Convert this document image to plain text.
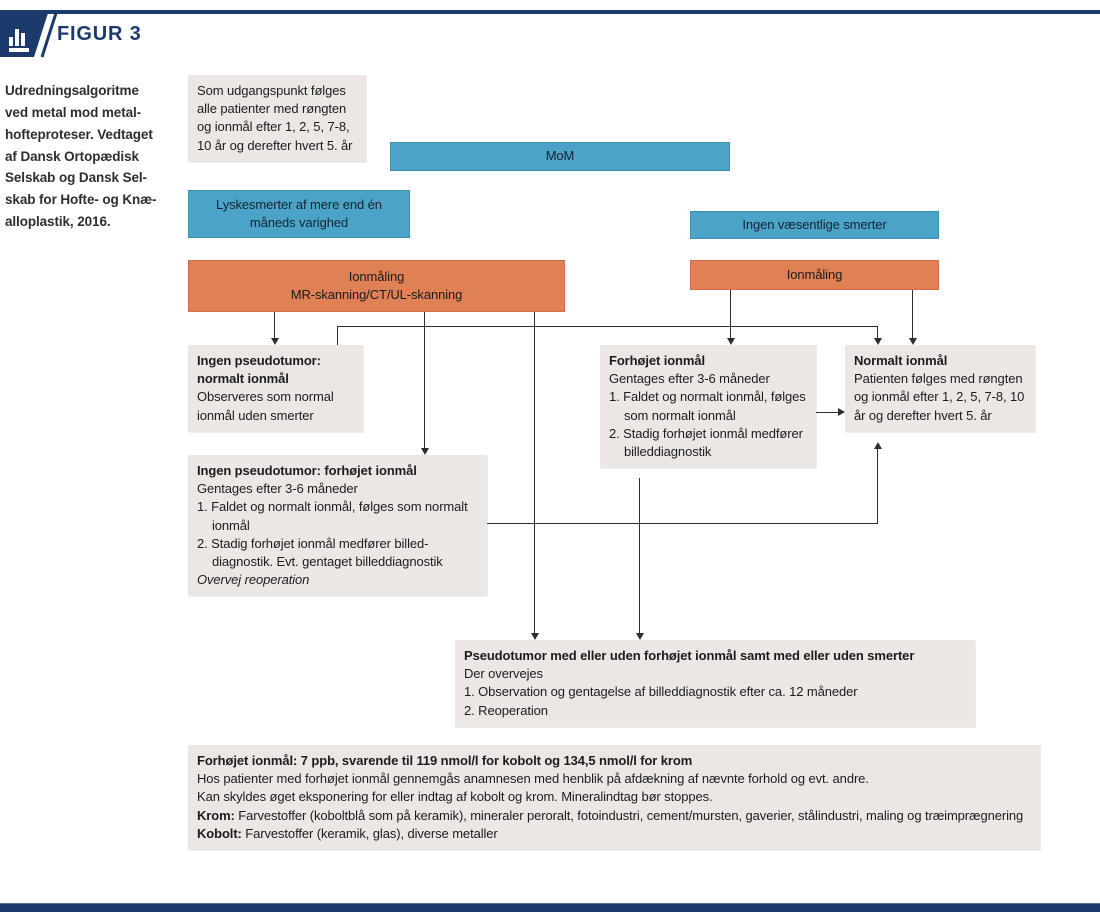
FIGUR 3
Udredningsalgoritme
ved metal mod metal-
hofteproteser. Vedtaget
af Dansk Ortopædisk
Selskab og Dansk Sel-
skab for Hofte- og Knæ-
alloplastik, 2016.
Som udgangspunkt følges alle patienter med røngten og ionmål efter 1, 2, 5, 7-8, 10 år og derefter hvert 5. år
MoM
Lyskesmerter af mere end én måneds varighed	Ingen væsentlige smerter
Ionmåling
MR-skanning/CT/UL-skanning
Ionmåling
Ingen pseudotumor:
normalt ionmål
Observeres som normal ionmål uden smerter
Forhøjet ionmål
Gentages efter 3-6 måneder
1. Faldet og normalt ionmål, følges som normalt ionmål
2. Stadig forhøjet ionmål medfører billeddiagnostik
Normalt ionmål
Patienten følges med røngten og ionmål efter 1, 2, 5, 7-8, 10 år og derefter hvert 5. år
Ingen pseudotumor: forhøjet ionmål
Gentages efter 3-6 måneder
1. Faldet og normalt ionmål, følges som normalt ionmål
2. Stadig forhøjet ionmål medfører billed-diagnostik. Evt. gentaget billeddiagnostik
Overvej reoperation
Pseudotumor med eller uden forhøjet ionmål samt med eller uden smerter
Der overvejes
1. Observation og gentagelse af billeddiagnostik efter ca. 12 måneder
2. Reoperation
Forhøjet ionmål: 7 ppb, svarende til 119 nmol/l for kobolt og 134,5 nmol/l for krom
Hos patienter med forhøjet ionmål gennemgås anamnesen med henblik på afdækning af nævnte forhold og evt. andre.
Kan skyldes øget eksponering for eller indtag af kobolt og krom. Mineralindtag bør stoppes.
Krom: Farvestoffer (koboltblå som på keramik), mineraler peroralt, fotoindustri, cement/mursten, gaverier, stålindustri, maling og træimprægnering
Kobolt: Farvestoffer (keramik, glas), diverse metaller
